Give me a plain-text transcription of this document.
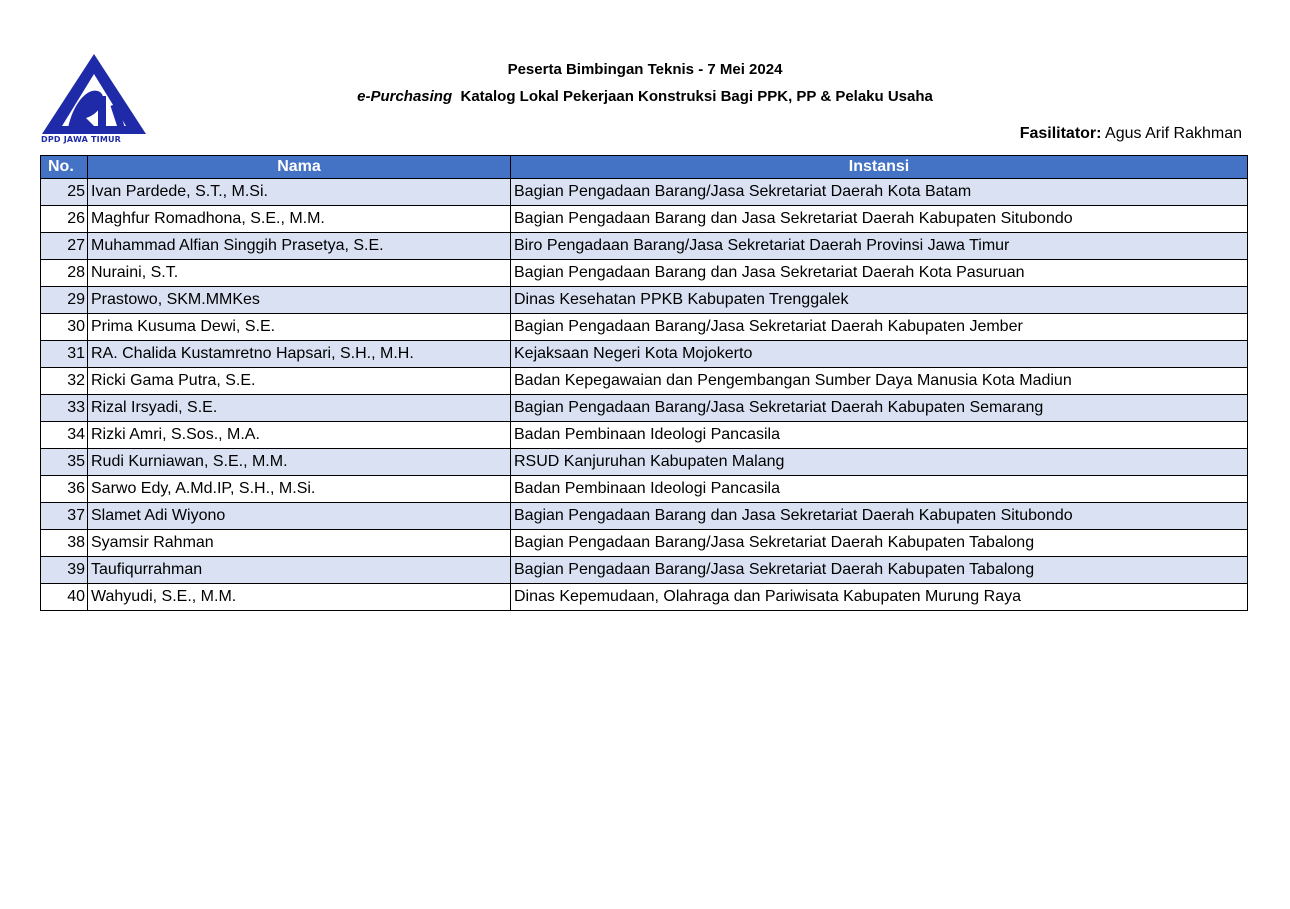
DPD JAWA TIMUR
Peserta Bimbingan Teknis - 7 Mei 2024
e-Purchasing Katalog Lokal Pekerjaan Konstruksi Bagi PPK, PP & Pelaku Usaha
Fasilitator: Agus Arif Rakhman
No.	Nama	Instansi
25	Ivan Pardede, S.T., M.Si.	Bagian Pengadaan Barang/Jasa Sekretariat Daerah Kota Batam
26	Maghfur Romadhona, S.E., M.M.	Bagian Pengadaan Barang dan Jasa Sekretariat Daerah Kabupaten Situbondo
27	Muhammad Alfian Singgih Prasetya, S.E.	Biro Pengadaan Barang/Jasa Sekretariat Daerah Provinsi Jawa Timur
28	Nuraini, S.T.	Bagian Pengadaan Barang dan Jasa Sekretariat Daerah Kota Pasuruan
29	Prastowo, SKM.MMKes	Dinas Kesehatan PPKB Kabupaten Trenggalek
30	Prima Kusuma Dewi, S.E.	Bagian Pengadaan Barang/Jasa Sekretariat Daerah Kabupaten Jember
31	RA. Chalida Kustamretno Hapsari, S.H., M.H.	Kejaksaan Negeri Kota Mojokerto
32	Ricki Gama Putra, S.E.	Badan Kepegawaian dan Pengembangan Sumber Daya Manusia Kota Madiun
33	Rizal Irsyadi, S.E.	Bagian Pengadaan Barang/Jasa Sekretariat Daerah Kabupaten Semarang
34	Rizki Amri, S.Sos., M.A.	Badan Pembinaan Ideologi Pancasila
35	Rudi Kurniawan, S.E., M.M.	RSUD Kanjuruhan Kabupaten Malang
36	Sarwo Edy, A.Md.IP, S.H., M.Si.	Badan Pembinaan Ideologi Pancasila
37	Slamet Adi Wiyono	Bagian Pengadaan Barang dan Jasa Sekretariat Daerah Kabupaten Situbondo
38	Syamsir Rahman	Bagian Pengadaan Barang/Jasa Sekretariat Daerah Kabupaten Tabalong
39	Taufiqurrahman	Bagian Pengadaan Barang/Jasa Sekretariat Daerah Kabupaten Tabalong
40	Wahyudi, S.E., M.M.	Dinas Kepemudaan, Olahraga dan Pariwisata Kabupaten Murung Raya
